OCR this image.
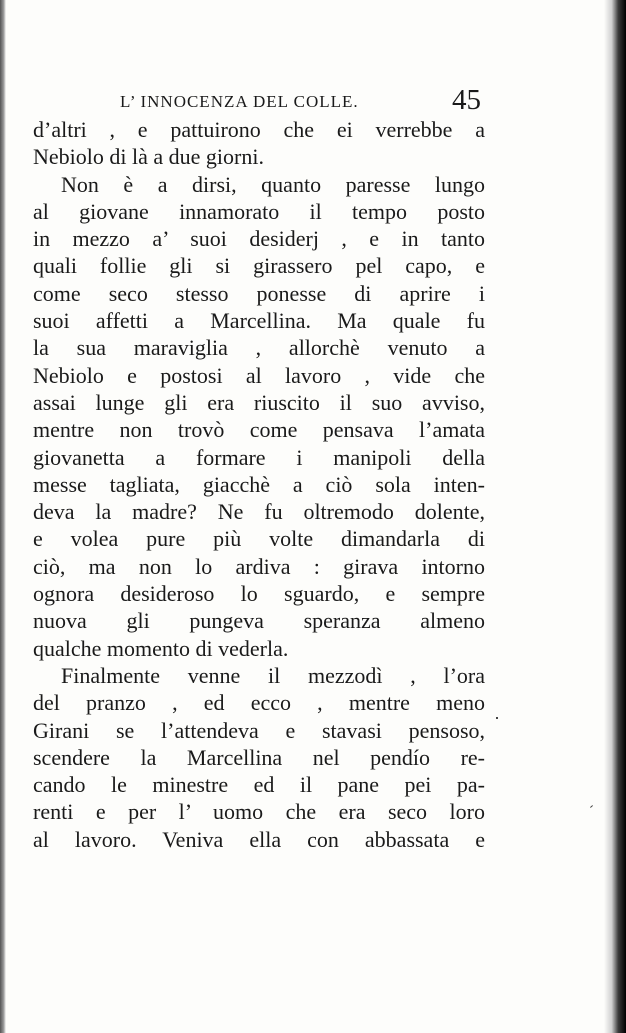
L’ INNOCENZA DEL COLLE.	45
d’altri , e pattuirono che ei verrebbe a
Nebiolo di là a due giorni.
Non è a dirsi, quanto paresse lungo
al giovane innamorato il tempo posto
in mezzo a’ suoi desiderj , e in tanto
quali follie gli si girassero pel capo, e
come seco stesso ponesse di aprire i
suoi affetti a Marcellina. Ma quale fu
la sua maraviglia , allorchè venuto a
Nebiolo e postosi al lavoro , vide che
assai lunge gli era riuscito il suo avviso,
mentre non trovò come pensava l’amata
giovanetta a formare i manipoli della
messe tagliata, giacchè a ciò sola inten-
deva la madre? Ne fu oltremodo dolente,
e volea pure più volte dimandarla di
ciò, ma non lo ardiva : girava intorno
ognora desideroso lo sguardo, e sempre
nuova gli pungeva speranza almeno
qualche momento di vederla.
Finalmente venne il mezzodì , l’ora
del pranzo , ed ecco , mentre meno
Girani se l’attendeva e stavasi pensoso,
scendere la Marcellina nel pendío re-
cando le minestre ed il pane pei pa-
renti e per l’ uomo che era seco loro
al lavoro. Veniva ella con abbassata e
